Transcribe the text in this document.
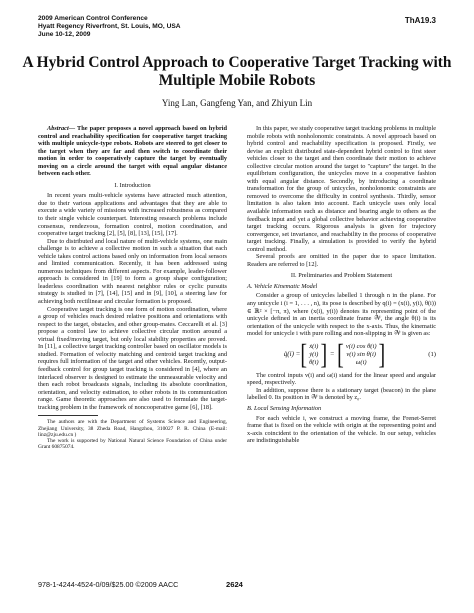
2009 American Control Conference
Hyatt Regency Riverfront, St. Louis, MO, USA
June 10-12, 2009
ThA19.3
A Hybrid Control Approach to Cooperative Target Tracking with Multiple Mobile Robots
Ying Lan, Gangfeng Yan, and Zhiyun Lin

Abstract— The paper proposes a novel approach based on hybrid control and reachability specification for cooperative target tracking with multiple unicycle-type robots. Robots are steered to get closer to the target when they are far and then switch to coordinate their motion in order to cooperatively capture the target by eventually moving on a circle around the target with equal angular distance between each other.

I. Introduction

In recent years multi-vehicle systems have attracted much attention, due to their various applications and advantages that they are able to execute a wide variety of missions with increased robustness as compared to their single vehicle counterpart. Interesting research problems include consensus, rendezvous, formation control, motion coordination, and cooperative target tracking [2], [5], [8], [13], [15], [17].

Due to distributed and local nature of multi-vehicle systems, one main challenge is to achieve a collective motion in such a situation that each vehicle takes control actions based only on information from local sensors and limited communication. Recently, it has been addressed using numerous techniques from different aspects. For example, leader-follower approach is considered in [19] to form a group shape configuration; leaderless coordination with nearest neighbor rules or cyclic pursuits strategy is studied in [7], [14], [15] and in [9], [10], a steering law for achieving both rectilinear and circular formation is proposed.

Cooperative target tracking is one form of motion coordination, where a group of vehicles reach desired relative positions and orientations with respect to the target, obstacles, and other group-mates. Ceccarelli et al. [3] propose a control law to achieve collective circular motion around a virtual fixed/moving target, but only local stability properties are proved. In [11], a collective target tracking controller based on oscillator models is studied. Formation of velocity matching and centroid target tracking and requires full information of the target and other vehicles. Recently, output-feedback control for group target tracking is considered in [4], where an interlaced observer is designed to estimate the unmeasurable velocity and then each robot broadcasts signals, including its absolute coordination, orientation, and velocity estimation, to other robots in its communication range. Game theoretic approaches are also used to formulate the target-tracking problem in the framework of noncooperative game [6], [18].

The authors are with the Department of Systems Science and Engineering, Zhejiang University, 38 Zheda Road, Hangzhou, 310027 P. R. China (E-mail: linz@zju.edu.cn )

The work is supported by National Natural Science Foundation of China under Grant 60875074.

In this paper, we study cooperative target tracking problems in multiple mobile robots with nonholonomic constraints. A novel approach based on hybrid control and reachability specification is proposed. Firstly, we devise an explicit distributed state-dependent hybrid control to first steer vehicles closer to the target and then coordinate their motion to achieve collective circular motion around the target to "capture" the target. In the equilibrium configuration, the unicycles move in a cooperative fashion with equal angular distance. Secondly, by introducing a coordinate transformation for the group of unicycles, nonholonomic constraints are removed to overcome the difficulty in control synthesis. Thirdly, sensor limitation is also taken into account. Each unicycle uses only local available information such as distance and bearing angle to others as the feedback input and yet a global collective behavior achieving cooperative target tracking occurs. Rigorous analysis is given for trajectory convergence, set invariance, and reachability in the process of cooperative target tracking. Finally, a simulation is provided to verify the hybrid control method.

Several proofs are omitted in the paper due to space limitation. Readers are referred to [12].

II. Preliminaries and Problem Statement
A. Vehicle Kinematic Model

Consider a group of unicycles labelled 1 through n in the plane. For any unicycle i (i = 1, . . . , n), its pose is described by q(i) = (x(i), y(i), θ(i)) ∈ ℝ² × [−π, π), where (x(i), y(i)) denotes its representing point of the unicycle defined in an inertia coordinate frame 𝒲, the angle θ(i) is its orientation of the unicycle with respect to the x-axis. Thus, the kinematic model for unicycle i with pure rolling and non-slipping in 𝒲 is given as:

q̇(i) = [ ẋ(i)
ẏ(i)
θ̇(i) ] = [ v(i) cos θ(i)
v(i) sin θ(i)
ω(i) ]	(1)

The control inputs v(i) and ω(i) stand for the linear speed and angular speed, respectively.

In addition, suppose there is a stationary target (beacon) in the plane labelled 0. Its position in 𝒲 is denoted by z₀.

B. Local Sensing Information

For each vehicle i, we construct a moving frame, the Frenet-Serret frame that is fixed on the vehicle with origin at the representing point and x-axis coincident to the orientation of the vehicle. In our setup, vehicles are indistinguishable

978-1-4244-4524-0/09/$25.00 ©2009 AACC	2624
